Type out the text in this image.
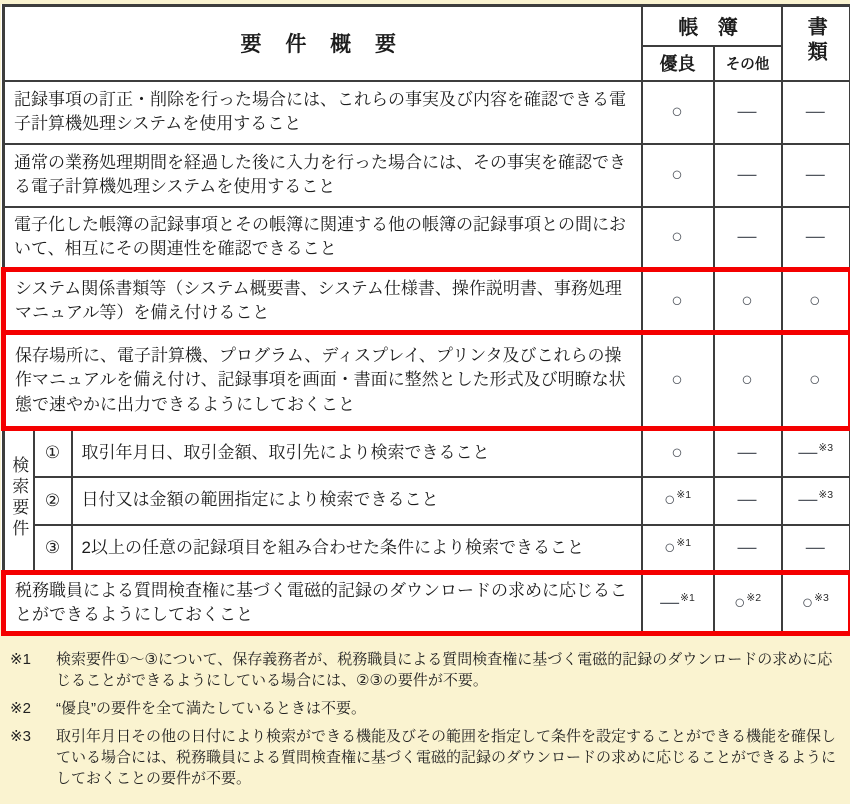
要 件 概 要			帳 簿		書類
			優良	その他	
記録事項の訂正・削除を行った場合には、これらの事実及び内容を確認できる電子計算機処理システムを使用すること			○	—	—
通常の業務処理期間を経過した後に入力を行った場合には、その事実を確認できる電子計算機処理システムを使用すること			○	—	—
電子化した帳簿の記録事項とその帳簿に関連する他の帳簿の記録事項との間において、相互にその関連性を確認できること			○	—	—
システム関係書類等（システム概要書、システム仕様書、操作説明書、事務処理マニュアル等）を備え付けること			○	○	○
保存場所に、電子計算機、プログラム、ディスプレイ、プリンタ及びこれらの操作マニュアルを備え付け、記録事項を画面・書面に整然とした形式及び明瞭な状態で速やかに出力できるようにしておくこと			○	○	○
検索要件	①	取引年月日、取引金額、取引先により検索できること	○	—	—$^{※3}$
	②	日付又は金額の範囲指定により検索できること	○$^{※1}$	—	—$^{※3}$
	③	2以上の任意の記録項目を組み合わせた条件により検索できること	○$^{※1}$	—	—
税務職員による質問検査権に基づく電磁的記録のダウンロードの求めに応じることができるようにしておくこと			—$^{※1}$	○$^{※2}$	○$^{※3}$
※1	検索要件①～③について、保存義務者が、税務職員による質問検査権に基づく電磁的記録のダウンロードの求めに応じることができるようにしている場合には、②③の要件が不要。
※2	“優良”の要件を全て満たしているときは不要。
※3	取引年月日その他の日付により検索ができる機能及びその範囲を指定して条件を設定することができる機能を確保している場合には、税務職員による質問検査権に基づく電磁的記録のダウンロードの求めに応じることができるようにしておくことの要件が不要。
